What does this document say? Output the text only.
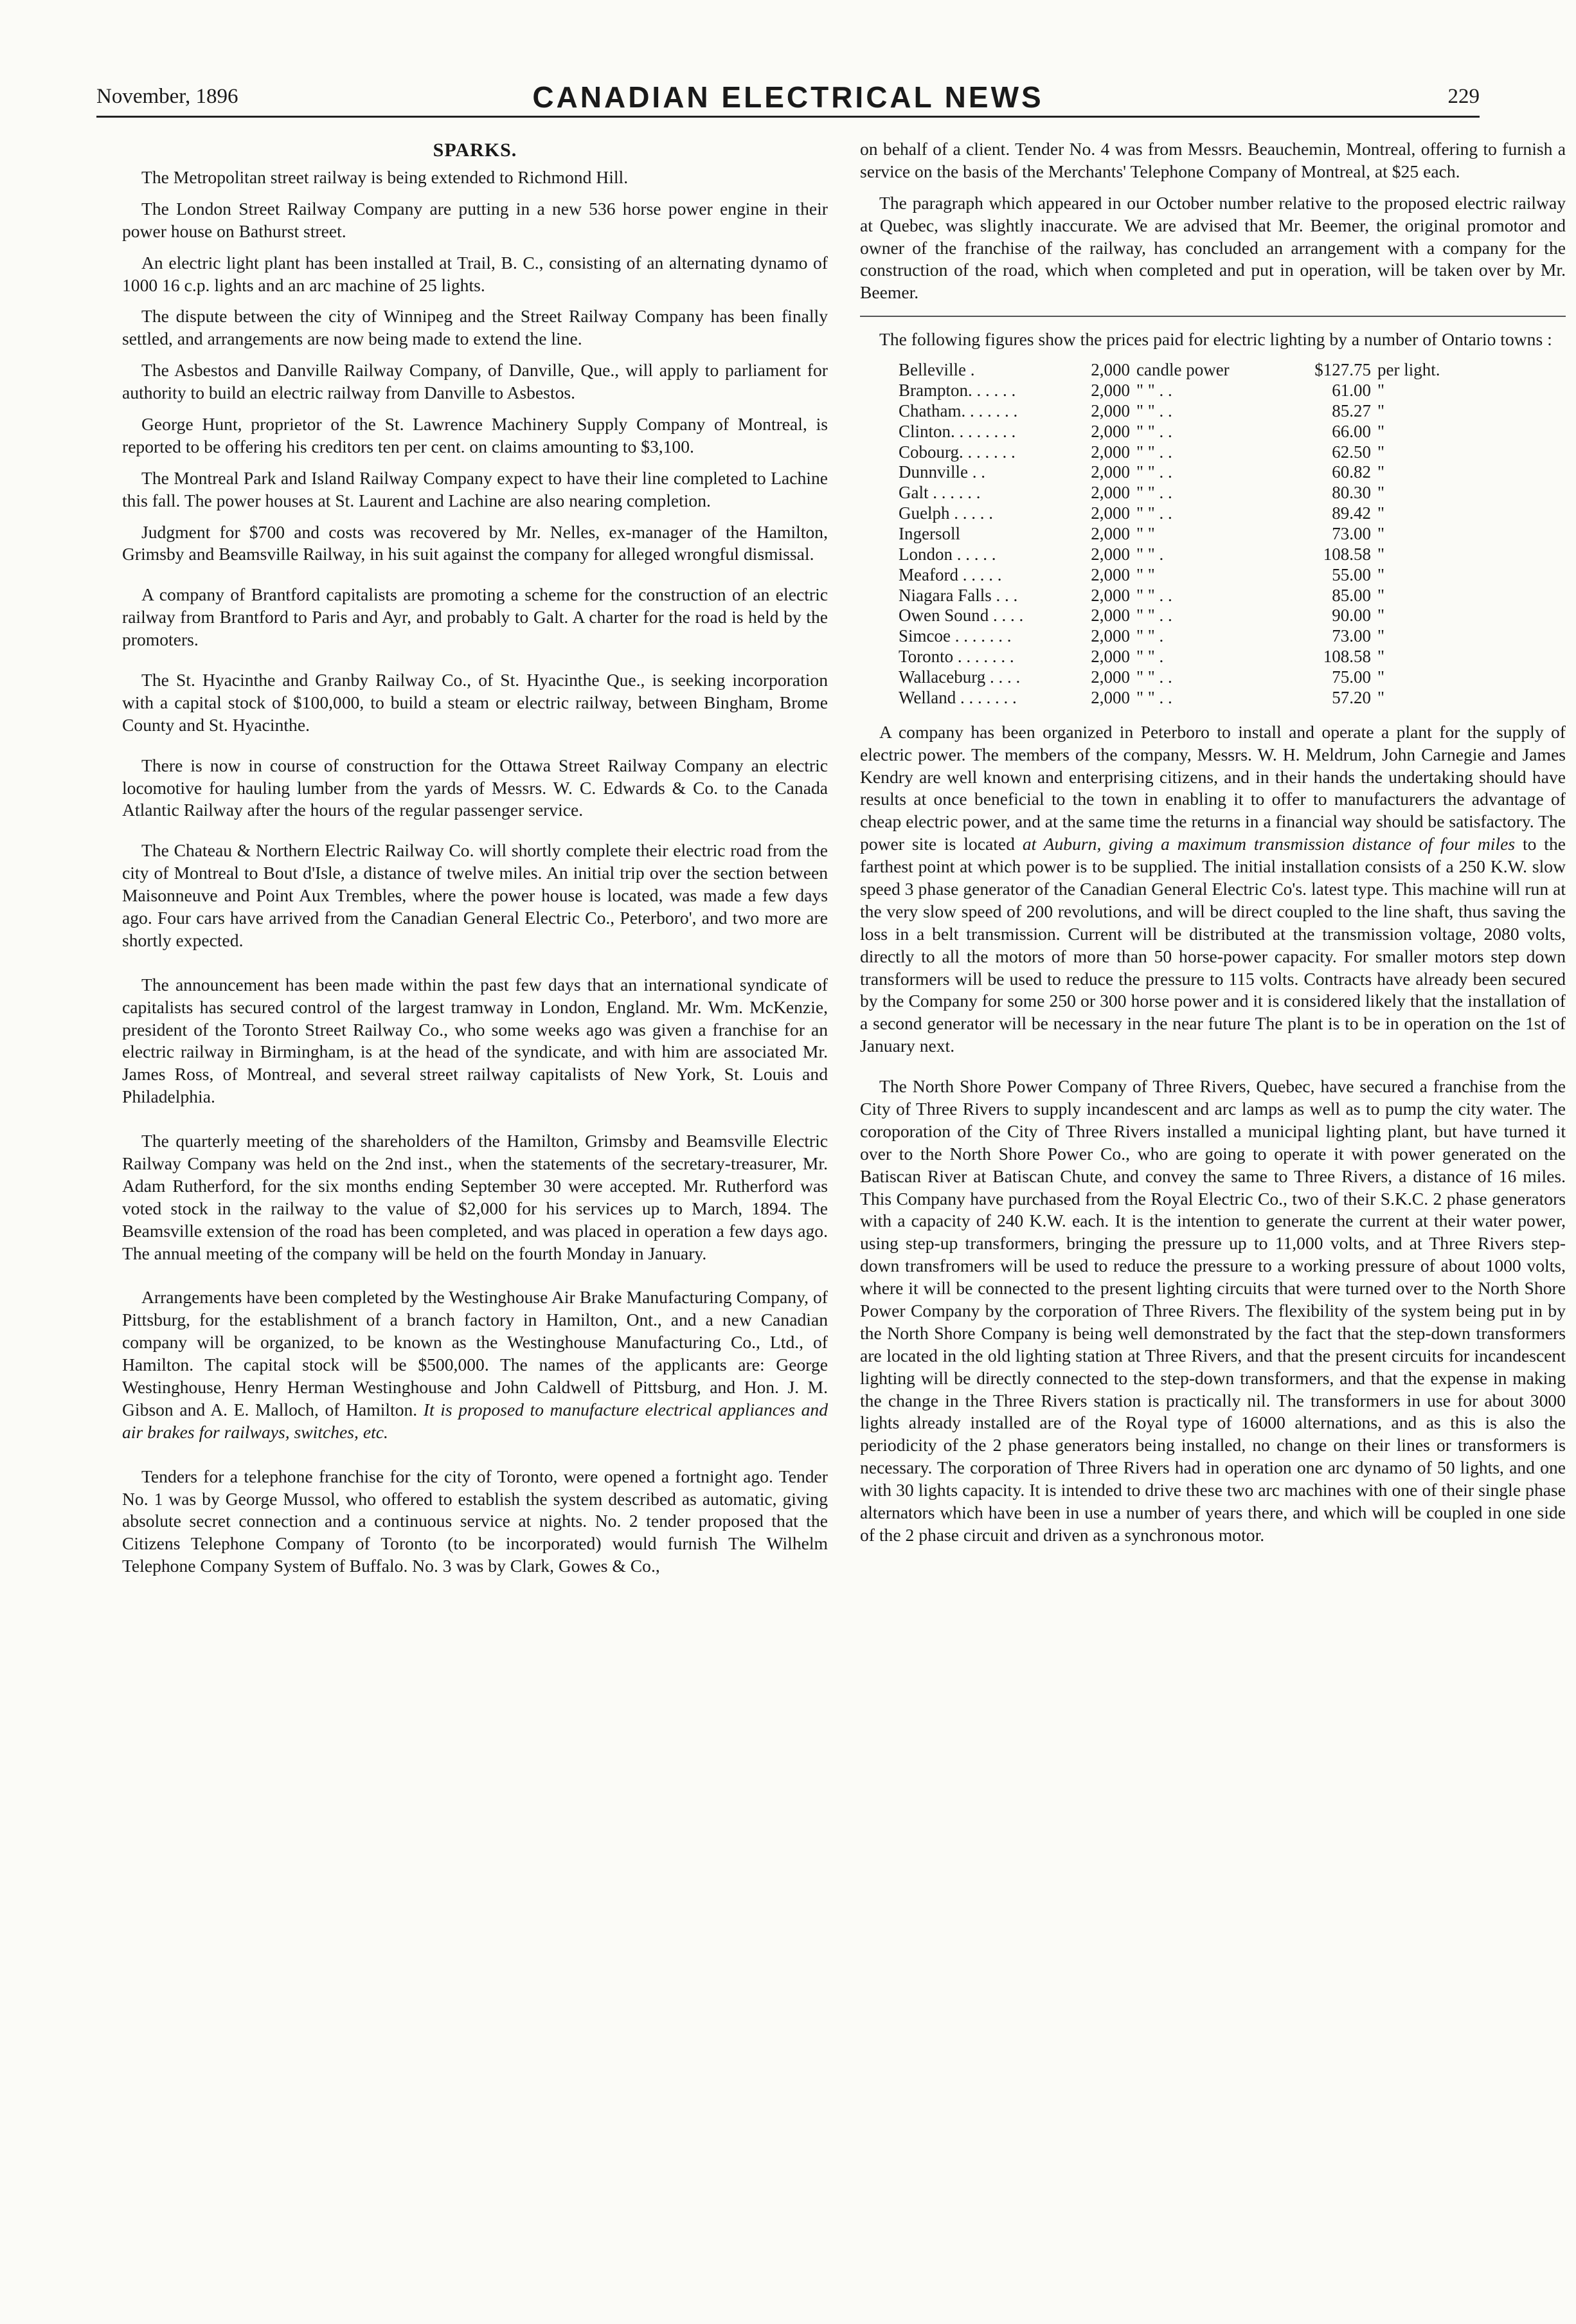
November, 1896	CANADIAN ELECTRICAL NEWS	229
SPARKS.

The Metropolitan street railway is being extended to Richmond Hill.

The London Street Railway Company are putting in a new 536 horse power engine in their power house on Bathurst street.

An electric light plant has been installed at Trail, B. C., consisting of an alternating dynamo of 1000 16 c.p. lights and an arc machine of 25 lights.

The dispute between the city of Winnipeg and the Street Railway Company has been finally settled, and arrangements are now being made to extend the line.

The Asbestos and Danville Railway Company, of Danville, Que., will apply to parliament for authority to build an electric railway from Danville to Asbestos.

George Hunt, proprietor of the St. Lawrence Machinery Supply Company of Montreal, is reported to be offering his creditors ten per cent. on claims amounting to $3,100.

The Montreal Park and Island Railway Company expect to have their line completed to Lachine this fall. The power houses at St. Laurent and Lachine are also nearing completion.

Judgment for $700 and costs was recovered by Mr. Nelles, ex-manager of the Hamilton, Grimsby and Beamsville Railway, in his suit against the company for alleged wrongful dismissal.

A company of Brantford capitalists are promoting a scheme for the construction of an electric railway from Brantford to Paris and Ayr, and probably to Galt. A charter for the road is held by the promoters.

The St. Hyacinthe and Granby Railway Co., of St. Hyacinthe Que., is seeking incorporation with a capital stock of $100,000, to build a steam or electric railway, between Bingham, Brome County and St. Hyacinthe.

There is now in course of construction for the Ottawa Street Railway Company an electric locomotive for hauling lumber from the yards of Messrs. W. C. Edwards & Co. to the Canada Atlantic Railway after the hours of the regular passenger service.

The Chateau & Northern Electric Railway Co. will shortly complete their electric road from the city of Montreal to Bout d'Isle, a distance of twelve miles. An initial trip over the section between Maisonneuve and Point Aux Trembles, where the power house is located, was made a few days ago. Four cars have arrived from the Canadian General Electric Co., Peterboro', and two more are shortly expected.

The announcement has been made within the past few days that an international syndicate of capitalists has secured control of the largest tramway in London, England. Mr. Wm. McKenzie, president of the Toronto Street Railway Co., who some weeks ago was given a franchise for an electric railway in Birmingham, is at the head of the syndicate, and with him are associated Mr. James Ross, of Montreal, and several street railway capitalists of New York, St. Louis and Philadelphia.

The quarterly meeting of the shareholders of the Hamilton, Grimsby and Beamsville Electric Railway Company was held on the 2nd inst., when the statements of the secretary-treasurer, Mr. Adam Rutherford, for the six months ending September 30 were accepted. Mr. Rutherford was voted stock in the railway to the value of $2,000 for his services up to March, 1894. The Beamsville extension of the road has been completed, and was placed in operation a few days ago. The annual meeting of the company will be held on the fourth Monday in January.

Arrangements have been completed by the Westinghouse Air Brake Manufacturing Company, of Pittsburg, for the establishment of a branch factory in Hamilton, Ont., and a new Canadian company will be organized, to be known as the Westinghouse Manufacturing Co., Ltd., of Hamilton. The capital stock will be $500,000. The names of the applicants are: George Westinghouse, Henry Herman Westinghouse and John Caldwell of Pittsburg, and Hon. J. M. Gibson and A. E. Malloch, of Hamilton. It is proposed to manufacture electrical appliances and air brakes for railways, switches, etc.

Tenders for a telephone franchise for the city of Toronto, were opened a fortnight ago. Tender No. 1 was by George Mussol, who offered to establish the system described as automatic, giving absolute secret connection and a continuous service at nights. No. 2 tender proposed that the Citizens Telephone Company of Toronto (to be incorporated) would furnish The Wilhelm Telephone Company System of Buffalo. No. 3 was by Clark, Gowes & Co.,

on behalf of a client. Tender No. 4 was from Messrs. Beauchemin, Montreal, offering to furnish a service on the basis of the Merchants' Telephone Company of Montreal, at $25 each.

The paragraph which appeared in our October number relative to the proposed electric railway at Quebec, was slightly inaccurate. We are advised that Mr. Beemer, the original promotor and owner of the franchise of the railway, has concluded an arrangement with a company for the construction of the road, which when completed and put in operation, will be taken over by Mr. Beemer.

The following figures show the prices paid for electric lighting by a number of Ontario towns :

Belleville .	2,000	candle power	$127.75	per light.
Brampton. . . . . .	2,000	" " . .	61.00	"
Chatham. . . . . . .	2,000	" " . .	85.27	"
Clinton. . . . . . . .	2,000	" " . .	66.00	"
Cobourg. . . . . . .	2,000	" " . .	62.50	"
Dunnville . .	2,000	" " . .	60.82	"
Galt . . . . . .	2,000	" " . .	80.30	"
Guelph . . . . .	2,000	" " . .	89.42	"
Ingersoll	2,000	" "	73.00	"
London . . . . .	2,000	" " .	108.58	"
Meaford . . . . .	2,000	" "	55.00	"
Niagara Falls . . .	2,000	" " . .	85.00	"
Owen Sound . . . .	2,000	" " . .	90.00	"
Simcoe . . . . . . .	2,000	" " .	73.00	"
Toronto . . . . . . .	2,000	" " .	108.58	"
Wallaceburg . . . .	2,000	" " . .	75.00	"
Welland . . . . . . .	2,000	" " . .	57.20	"

A company has been organized in Peterboro to install and operate a plant for the supply of electric power. The members of the company, Messrs. W. H. Meldrum, John Carnegie and James Kendry are well known and enterprising citizens, and in their hands the undertaking should have results at once beneficial to the town in enabling it to offer to manufacturers the advantage of cheap electric power, and at the same time the returns in a financial way should be satisfactory. The power site is located at Auburn, giving a maximum transmission distance of four miles to the farthest point at which power is to be supplied. The initial installation consists of a 250 K.W. slow speed 3 phase generator of the Canadian General Electric Co's. latest type. This machine will run at the very slow speed of 200 revolutions, and will be direct coupled to the line shaft, thus saving the loss in a belt transmission. Current will be distributed at the transmission voltage, 2080 volts, directly to all the motors of more than 50 horse-power capacity. For smaller motors step down transformers will be used to reduce the pressure to 115 volts. Contracts have already been secured by the Company for some 250 or 300 horse power and it is considered likely that the installation of a second generator will be necessary in the near future The plant is to be in operation on the 1st of January next.

The North Shore Power Company of Three Rivers, Quebec, have secured a franchise from the City of Three Rivers to supply incandescent and arc lamps as well as to pump the city water. The coroporation of the City of Three Rivers installed a municipal lighting plant, but have turned it over to the North Shore Power Co., who are going to operate it with power generated on the Batiscan River at Batiscan Chute, and convey the same to Three Rivers, a distance of 16 miles. This Company have purchased from the Royal Electric Co., two of their S.K.C. 2 phase generators with a capacity of 240 K.W. each. It is the intention to generate the current at their water power, using step-up transformers, bringing the pressure up to 11,000 volts, and at Three Rivers step-down transfromers will be used to reduce the pressure to a working pressure of about 1000 volts, where it will be connected to the present lighting circuits that were turned over to the North Shore Power Company by the corporation of Three Rivers. The flexibility of the system being put in by the North Shore Company is being well demonstrated by the fact that the step-down transformers are located in the old lighting station at Three Rivers, and that the present circuits for incandescent lighting will be directly connected to the step-down transformers, and that the expense in making the change in the Three Rivers station is practically nil. The transformers in use for about 3000 lights already installed are of the Royal type of 16000 alternations, and as this is also the periodicity of the 2 phase generators being installed, no change on their lines or transformers is necessary. The corporation of Three Rivers had in operation one arc dynamo of 50 lights, and one with 30 lights capacity. It is intended to drive these two arc machines with one of their single phase alternators which have been in use a number of years there, and which will be coupled in one side of the 2 phase circuit and driven as a synchronous motor.
